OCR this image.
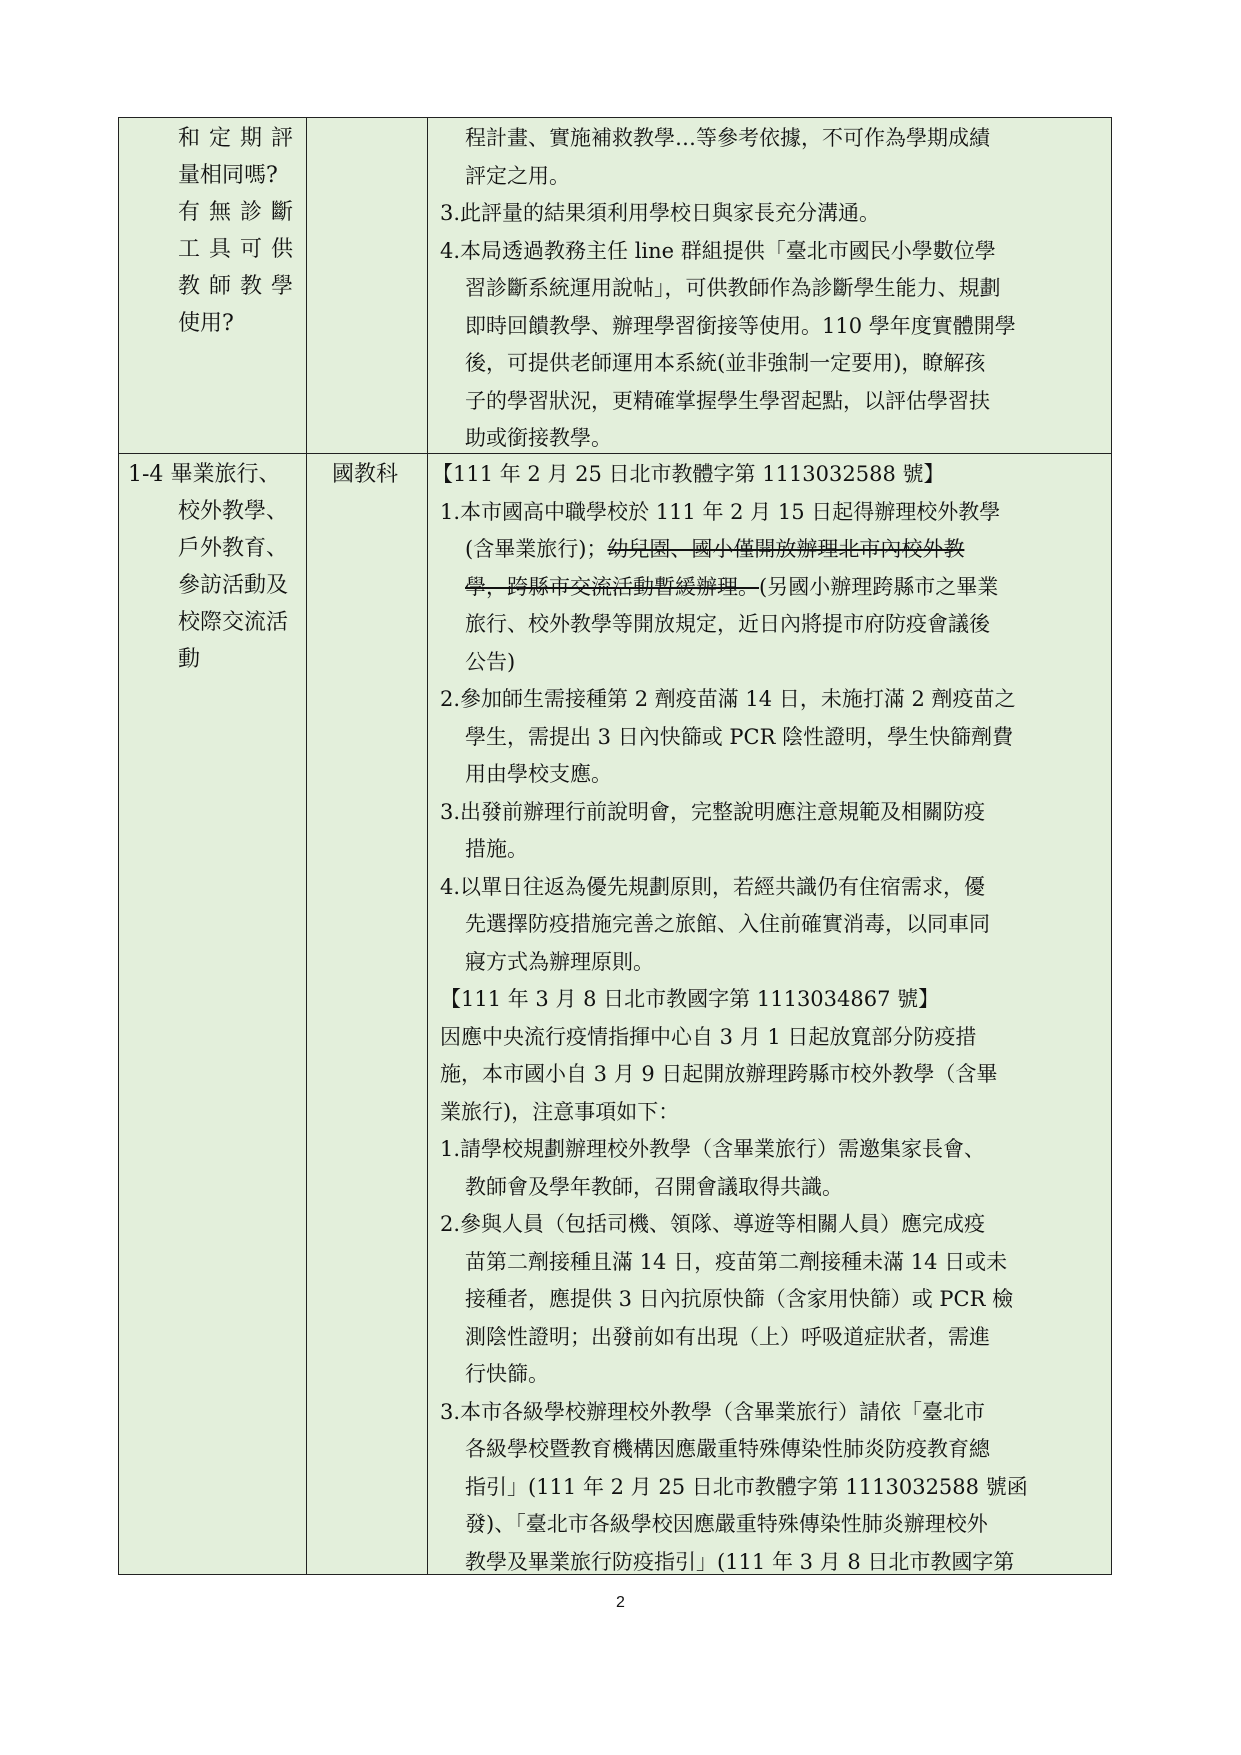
和定期評
量相同嗎?
有無診斷
工具可供
教師教學
使用?
程計畫、實施補救教學…等參考依據，不可作為學期成績
評定之用。
3.此評量的結果須利用學校日與家長充分溝通。
4.本局透過教務主任 line 群組提供「臺北市國民小學數位學
習診斷系統運用說帖」，可供教師作為診斷學生能力、規劃
即時回饋教學、辦理學習銜接等使用。110 學年度實體開學
後，可提供老師運用本系統(並非強制一定要用)，瞭解孩
子的學習狀況，更精確掌握學生學習起點，以評估學習扶
助或銜接教學。
1-4 畢業旅行、
校外教學、
戶外教育、
參訪活動及
校際交流活
動
國教科 【111 年 2 月 25 日北市教體字第 1113032588 號】
1.本市國高中職學校於 111 年 2 月 15 日起得辦理校外教學
(含畢業旅行)；幼兒園、國小僅開放辦理北市內校外教
學，跨縣市交流活動暫緩辦理。(另國小辦理跨縣市之畢業
旅行、校外教學等開放規定，近日內將提市府防疫會議後
公告)
2.參加師生需接種第 2 劑疫苗滿 14 日，未施打滿 2 劑疫苗之
學生，需提出 3 日內快篩或 PCR 陰性證明，學生快篩劑費
用由學校支應。
3.出發前辦理行前說明會，完整說明應注意規範及相關防疫
措施。
4.以單日往返為優先規劃原則，若經共識仍有住宿需求，優
先選擇防疫措施完善之旅館、入住前確實消毒，以同車同
寢方式為辦理原則。
【111 年 3 月 8 日北市教國字第 1113034867 號】
因應中央流行疫情指揮中心自 3 月 1 日起放寬部分防疫措
施，本市國小自 3 月 9 日起開放辦理跨縣市校外教學（含畢
業旅行)，注意事項如下：
1.請學校規劃辦理校外教學（含畢業旅行）需邀集家長會、
教師會及學年教師，召開會議取得共識。
2.參與人員（包括司機、領隊、導遊等相關人員）應完成疫
苗第二劑接種且滿 14 日，疫苗第二劑接種未滿 14 日或未
接種者，應提供 3 日內抗原快篩（含家用快篩）或 PCR 檢
測陰性證明；出發前如有出現（上）呼吸道症狀者，需進
行快篩。
3.本市各級學校辦理校外教學（含畢業旅行）請依「臺北市
各級學校暨教育機構因應嚴重特殊傳染性肺炎防疫教育總
指引」(111 年 2 月 25 日北市教體字第 1113032588 號函
發)、「臺北市各級學校因應嚴重特殊傳染性肺炎辦理校外
教學及畢業旅行防疫指引」(111 年 3 月 8 日北市教國字第
2
